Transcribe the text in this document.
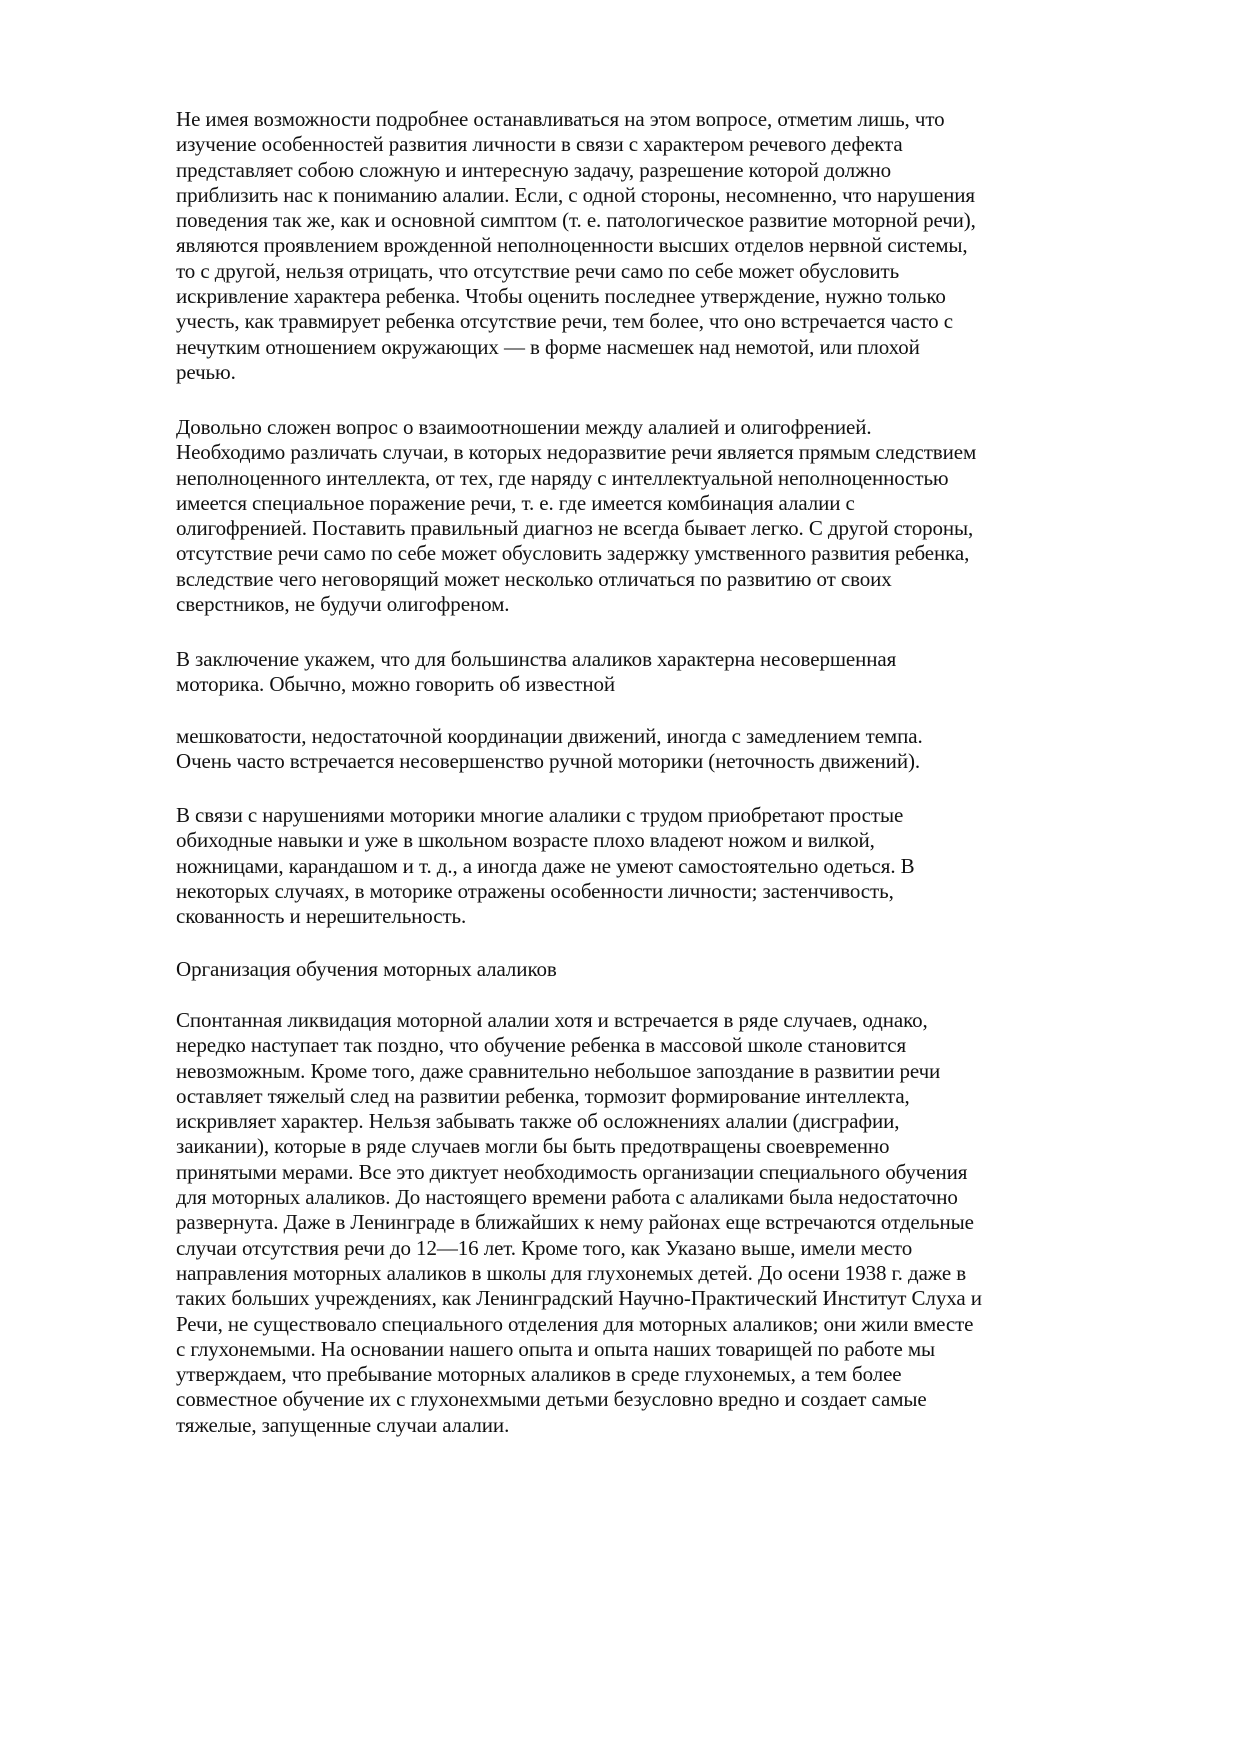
Не имея возможности подробнее останавливаться на этом вопросе, отметим лишь, что
изучение особенностей развития личности в связи с характером речевого дефекта
представляет собою сложную и интересную задачу, разрешение которой должно
приблизить нас к пониманию алалии. Если, с одной стороны, несомненно, что нарушения
поведения так же, как и основной симптом (т. е. патологическое развитие моторной речи),
являются проявлением врожденной неполноценности высших отделов нервной системы,
то с другой, нельзя отрицать, что отсутствие речи само по себе может обусловить
искривление характера ребенка. Чтобы оценить последнее утверждение, нужно только
учесть, как травмирует ребенка отсутствие речи, тем более, что оно встречается часто с
нечутким отношением окружающих — в форме насмешек над немотой, или плохой
речью.
Довольно сложен вопрос о взаимоотношении между алалией и олигофренией.
Необходимо различать случаи, в которых недоразвитие речи является прямым следствием
неполноценного интеллекта, от тех, где наряду с интеллектуальной неполноценностью
имеется специальное поражение речи, т. е. где имеется комбинация алалии с
олигофренией. Поставить правильный диагноз не всегда бывает легко. С другой стороны,
отсутствие речи само по себе может обусловить задержку умственного развития ребенка,
вследствие чего неговорящий может несколько отличаться по развитию от своих
сверстников, не будучи олигофреном.
В заключение укажем, что для большинства алаликов характерна несовершенная
моторика. Обычно, можно говорить об известной
мешковатости, недостаточной координации движений, иногда с замедлением темпа.
Очень часто встречается несовершенство ручной моторики (неточность движений).
В связи с нарушениями моторики многие алалики с трудом приобретают простые
обиходные навыки и уже в школьном возрасте плохо владеют ножом и вилкой,
ножницами, карандашом и т. д., а иногда даже не умеют самостоятельно одеться. В
некоторых случаях, в моторике отражены особенности личности; застенчивость,
скованность и нерешительность.
Организация обучения моторных алаликов
Спонтанная ликвидация моторной алалии хотя и встречается в ряде случаев, однако,
нередко наступает так поздно, что обучение ребенка в массовой школе становится
невозможным. Кроме того, даже сравнительно небольшое запоздание в развитии речи
оставляет тяжелый след на развитии ребенка, тормозит формирование интеллекта,
искривляет характер. Нельзя забывать также об осложнениях алалии (дисграфии,
заикании), которые в ряде случаев могли бы быть предотвращены своевременно
принятыми мерами. Все это диктует необходимость организации специального обучения
для моторных алаликов. До настоящего времени работа с алаликами была недостаточно
развернута. Даже в Ленинграде в ближайших к нему районах еще встречаются отдельные
случаи отсутствия речи до 12—16 лет. Кроме того, как Указано выше, имели место
направления моторных алаликов в школы для глухонемых детей. До осени 1938 г. даже в
таких больших учреждениях, как Ленинградский Научно-Практический Институт Слуха и
Речи, не существовало специального отделения для моторных алаликов; они жили вместе
с глухонемыми. На основании нашего опыта и опыта наших товарищей по работе мы
утверждаем, что пребывание моторных алаликов в среде глухонемых, а тем более
совместное обучение их с глухонехмыми детьми безусловно вредно и создает самые
тяжелые, запущенные случаи алалии.
